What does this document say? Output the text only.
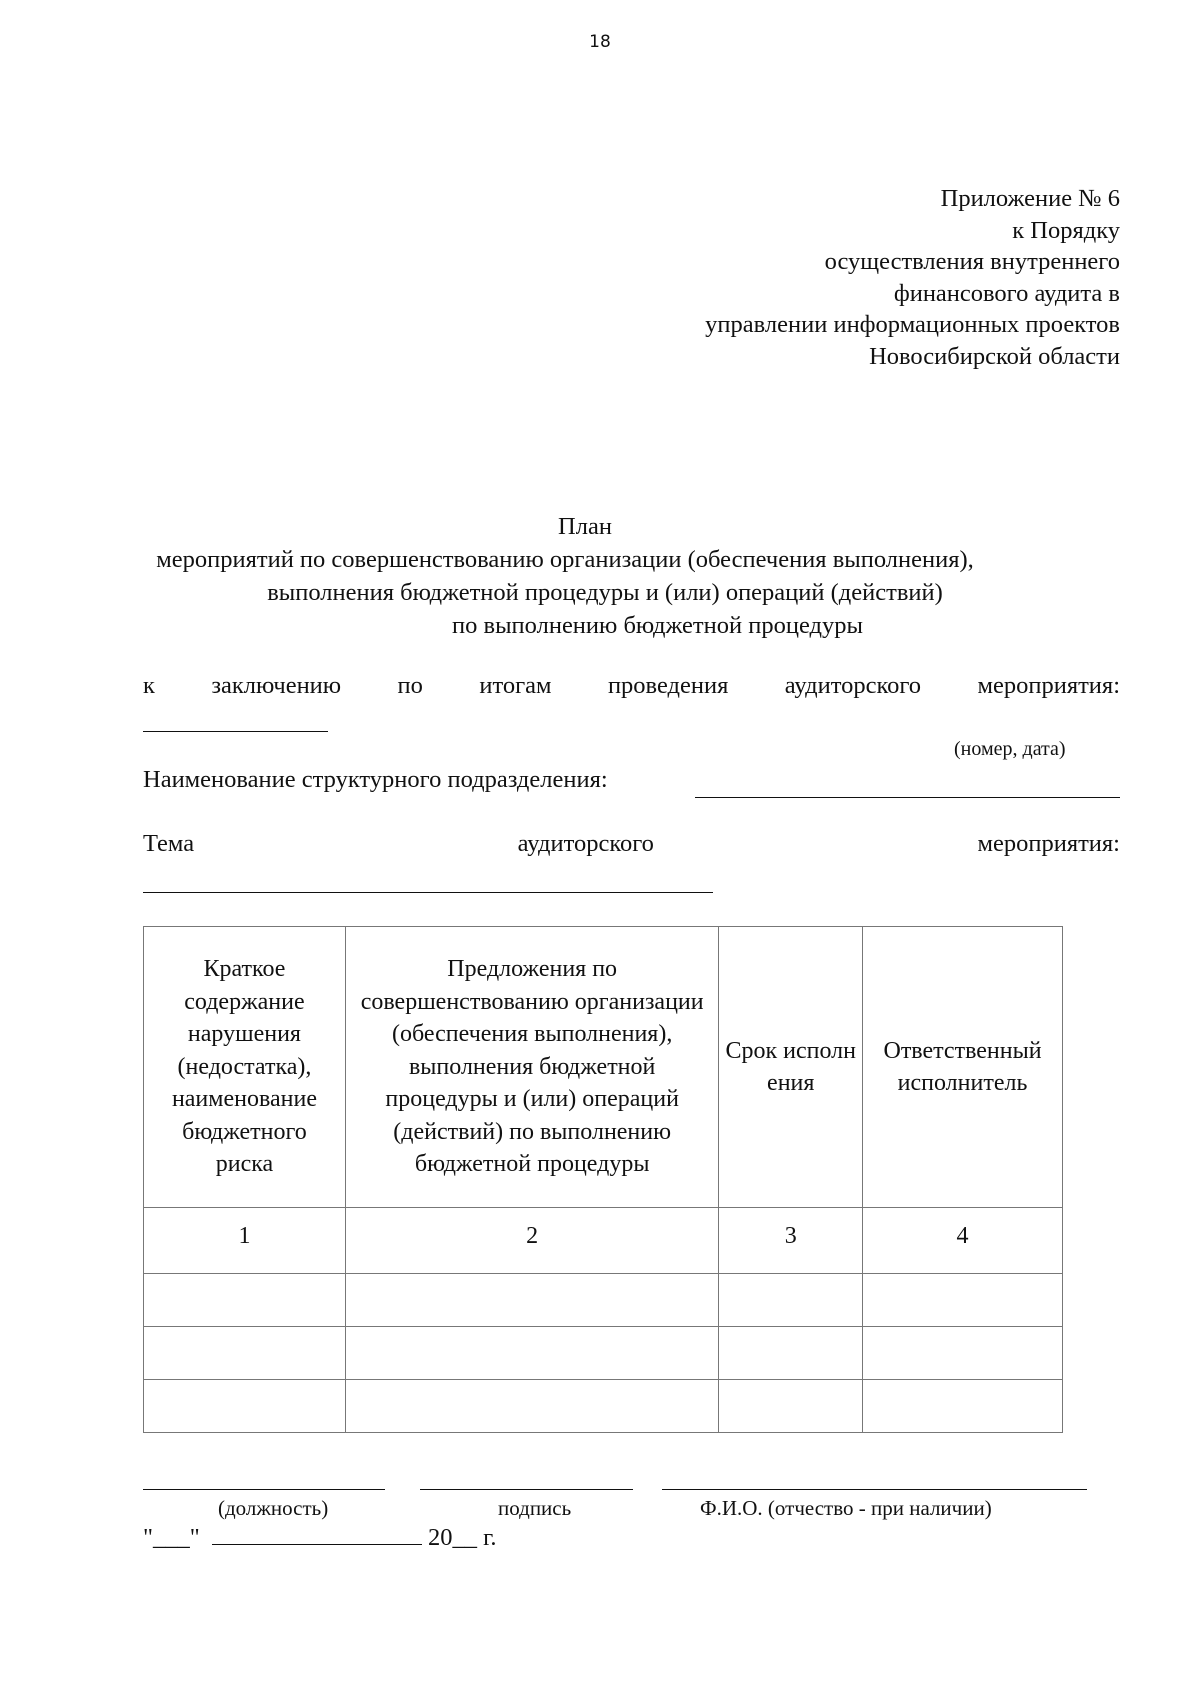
18
Приложение № 6
к Порядку
осуществления внутреннего
финансового аудита в
управлении информационных проектов
Новосибирской области
План
мероприятий по совершенствованию организации (обеспечения выполнения),
выполнения бюджетной процедуры и (или) операций (действий)
по выполнению бюджетной процедуры
к заключению по итогам проведения аудиторского мероприятия:
(номер, дата)
Наименование структурного подразделения:
Тема	аудиторского	мероприятия:
Краткое содержание нарушения (недостатка), наименование бюджетного риска	Предложения по совершенствованию организации (обеспечения выполнения), выполнения бюджетной процедуры и (или) операций (действий) по выполнению бюджетной процедуры	Срок исполнения	Ответственный исполнитель
1	2	3	4

(должность)	подпись	Ф.И.О. (отчество - при наличии)
"___"	20__ г.
